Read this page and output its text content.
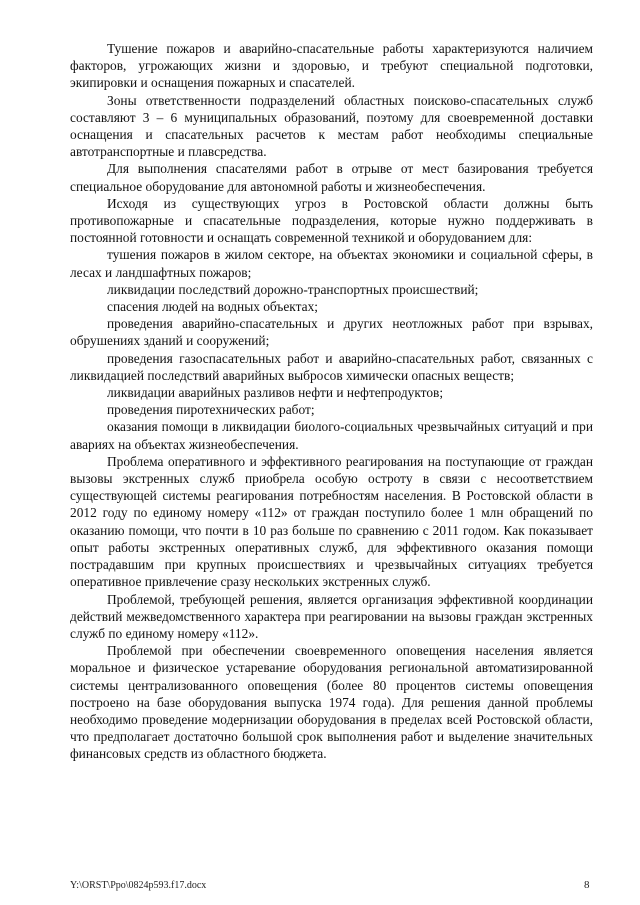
Тушение пожаров и аварийно-спасательные работы характеризуются наличием факторов, угрожающих жизни и здоровью, и требуют специальной подготовки, экипировки и оснащения пожарных и спасателей.

Зоны ответственности подразделений областных поисково-спасательных служб составляют 3 – 6 муниципальных образований, поэтому для своевременной доставки оснащения и спасательных расчетов к местам работ необходимы специальные автотранспортные и плавсредства.

Для выполнения спасателями работ в отрыве от мест базирования требуется специальное оборудование для автономной работы и жизнеобеспечения.

Исходя из существующих угроз в Ростовской области должны быть противопожарные и спасательные подразделения, которые нужно поддерживать в постоянной готовности и оснащать современной техникой и оборудованием для:

тушения пожаров в жилом секторе, на объектах экономики и социальной сферы, в лесах и ландшафтных пожаров;

ликвидации последствий дорожно-транспортных происшествий;

спасения людей на водных объектах;

проведения аварийно-спасательных и других неотложных работ при взрывах, обрушениях зданий и сооружений;

проведения газоспасательных работ и аварийно-спасательных работ, связанных с ликвидацией последствий аварийных выбросов химически опасных веществ;

ликвидации аварийных разливов нефти и нефтепродуктов;

проведения пиротехнических работ;

оказания помощи в ликвидации биолого-социальных чрезвычайных ситуаций и при авариях на объектах жизнеобеспечения.

Проблема оперативного и эффективного реагирования на поступающие от граждан вызовы экстренных служб приобрела особую остроту в связи с несоответствием существующей системы реагирования потребностям населения. В Ростовской области в 2012 году по единому номеру «112» от граждан поступило более 1 млн обращений по оказанию помощи, что почти в 10 раз больше по сравнению с 2011 годом. Как показывает опыт работы экстренных оперативных служб, для эффективного оказания помощи пострадавшим при крупных происшествиях и чрезвычайных ситуациях требуется оперативное привлечение сразу нескольких экстренных служб.

Проблемой, требующей решения, является организация эффективной координации действий межведомственного характера при реагировании на вызовы граждан экстренных служб по единому номеру «112».

Проблемой при обеспечении своевременного оповещения населения является моральное и физическое устаревание оборудования региональной автоматизированной системы централизованного оповещения (более 80 процентов системы оповещения построено на базе оборудования выпуска 1974 года). Для решения данной проблемы необходимо проведение модернизации оборудования в пределах всей Ростовской области, что предполагает достаточно большой срок выполнения работ и выделение значительных финансовых средств из областного бюджета.

Y:\ORST\Ppo\0824p593.f17.docx	8
